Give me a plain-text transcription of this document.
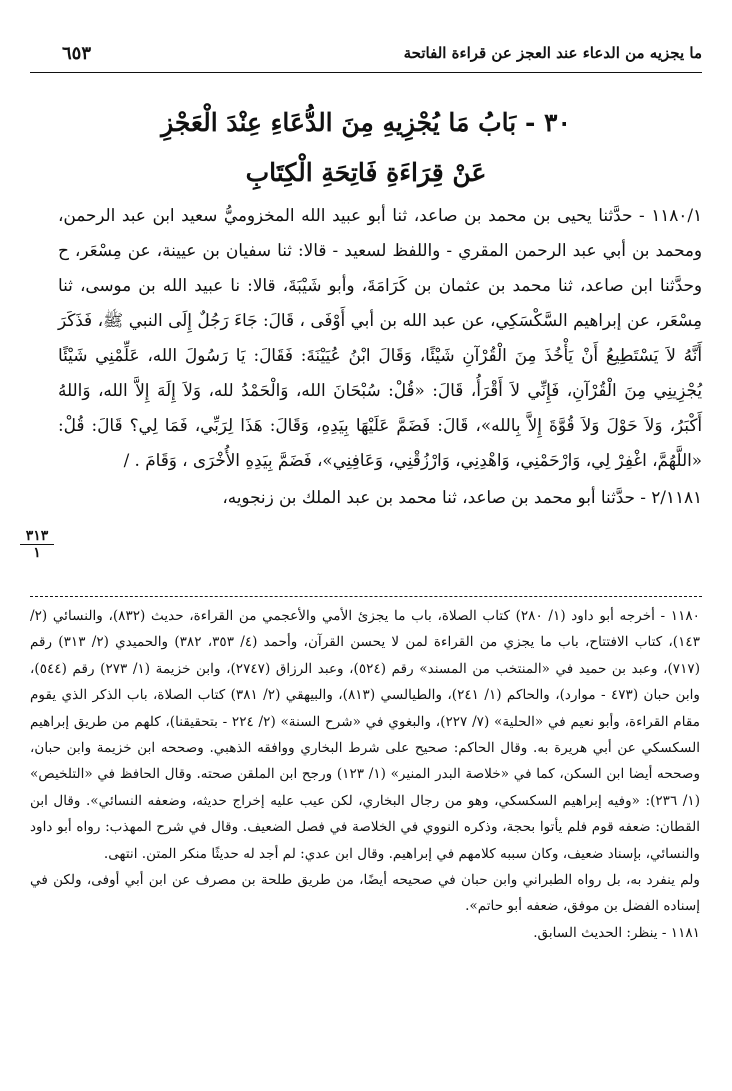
ما يجزيه من الدعاء عند العجز عن قراءة الفاتحة
٦٥٣
٣٠ - بَابُ مَا يُجْزِيهِ مِنَ الدُّعَاءِ عِنْدَ الْعَجْزِ
عَنْ قِرَاءَةِ فَاتِحَةِ الْكِتَابِ

١١٨٠/١ - حدَّثنا يحيى بن محمد بن صاعد، ثنا أبو عبيد الله المخزوميُّ سعيد ابن عبد الرحمن، ومحمد بن أبي عبد الرحمن المقري - واللفظ لسعيد - قالا: ثنا سفيان بن عيينة، عن مِسْعَر، ح وحدَّثنا ابن صاعد، ثنا محمد بن عثمان بن كَرَامَةَ، وأبو شَيْبَةَ، قالا: نا عبيد الله بن موسى، ثنا مِسْعَر، عن إبراهيم السَّكْسَكِي، عن عبد الله بن أبي أَوْفَى ، قَالَ: جَاءَ رَجُلٌ إِلَى النبي ﷺ، فَذَكَرَ أَنَّهُ لاَ يَسْتَطِيعُ أَنْ يَأْخُذَ مِنَ الْقُرْآنِ شَيْئًا، وَقَالَ ابْنُ عُيَيْنَةَ: فَقَالَ: يَا رَسُولَ الله، عَلِّمْنِي شَيْئًا يُجْزِينِي مِنَ الْقُرْآنِ، فَإِنِّي لاَ أَقْرَأُ، قَالَ: «قُلْ: سُبْحَانَ الله، وَالْحَمْدُ لله، وَلاَ إِلَهَ إِلاَّ الله، وَاللهُ أَكْبَرُ، وَلاَ حَوْلَ وَلاَ قُوَّةَ إِلاَّ بِالله»، قَالَ: فَضَمَّ عَلَيْهَا بِيَدِهِ، وَقَالَ: هَذَا لِرَبِّي، فَمَا لِي؟ قَالَ: قُلْ: «اللَّهُمَّ، اغْفِرْ لِي، وَارْحَمْنِي، وَاهْدِنِي، وَارْزُقْنِي، وَعَافِنِي»، فَضَمَّ بِيَدِهِ الأُخْرَى ، وَقَامَ . /

٢/١١٨١ - حدَّثنا أبو محمد بن صاعد، ثنا محمد بن عبد الملك بن زنجويه،

٣١٣
١

١١٨٠ - أخرجه أبو داود (١/ ٢٨٠) كتاب الصلاة، باب ما يجزئ الأمي والأعجمي من القراءة، حديث (٨٣٢)، والنسائي (٢/ ١٤٣)، كتاب الافتتاح، باب ما يجزي من القراءة لمن لا يحسن القرآن، وأحمد (٤/ ٣٥٣، ٣٨٢) والحميدي (٢/ ٣١٣) رقم (٧١٧)، وعبد بن حميد في «المنتخب من المسند» رقم (٥٢٤)، وعبد الرزاق (٢٧٤٧)، وابن خزيمة (١/ ٢٧٣) رقم (٥٤٤)، وابن حبان (٤٧٣ - موارد)، والحاكم (١/ ٢٤١)، والطيالسي (٨١٣)، والبيهقي (٢/ ٣٨١) كتاب الصلاة، باب الذكر الذي يقوم مقام القراءة، وأبو نعيم في «الحلية» (٧/ ٢٢٧)، والبغوي في «شرح السنة» (٢/ ٢٢٤ - بتحقيقنا)، كلهم من طريق إبراهيم السكسكي عن أبي هريرة به. وقال الحاكم: صحيح على شرط البخاري ووافقه الذهبي. وصححه ابن خزيمة وابن حبان، وصححه أيضا ابن السكن، كما في «خلاصة البدر المنير» (١/ ١٢٣) ورجح ابن الملقن صحته. وقال الحافظ في «التلخيص» (١/ ٢٣٦): «وفيه إبراهيم السكسكي، وهو من رجال البخاري، لكن عيب عليه إخراج حديثه، وضعفه النسائي». وقال ابن القطان: ضعفه قوم فلم يأتوا بحجة، وذكره النووي في الخلاصة في فصل الضعيف. وقال في شرح المهذب: رواه أبو داود والنسائي، بإسناد ضعيف، وكان سببه كلامهم في إبراهيم. وقال ابن عدي: لم أجد له حديثًا منكر المتن. انتهى.

ولم ينفرد به، بل رواه الطبراني وابن حبان في صحيحه أيضًا، من طريق طلحة بن مصرف عن ابن أبي أوفى، ولكن في إسناده الفضل بن موفق، ضعفه أبو حاتم».

١١٨١ - ينظر: الحديث السابق.
